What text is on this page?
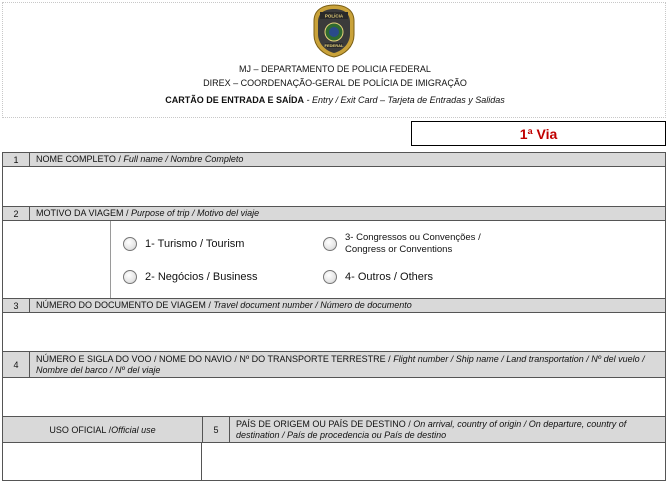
POLÍCIA
FEDERAL
MJ – DEPARTAMENTO DE POLICIA FEDERAL
DIREX – COORDENAÇÃO-GERAL DE POLÍCIA DE IMIGRAÇÃO
CARTÃO DE ENTRADA E SAÍDA - Entry / Exit Card – Tarjeta de Entradas y Salidas
1ª Via
1	NOME COMPLETO / Full name / Nombre Completo
2	MOTIVO DA VIAGEM / Purpose of trip / Motivo del viaje
1- Turismo / Tourism
2- Negócios / Business
3- Congressos ou Convenções /
Congress or Conventions
4- Outros / Others
3	NÚMERO DO DOCUMENTO DE VIAGEM / Travel document number / Número de documento
4
NÚMERO E SIGLA DO VOO / NOME DO NAVIO / Nº DO TRANSPORTE TERRESTRE / Flight number / Ship name / Land transportation / Nº del vuelo / Nombre del barco / Nº del viaje
USO OFICIAL / Official use	5
PAÍS DE ORIGEM OU PAÍS DE DESTINO / On arrival, country of origin / On departure, country of destination / País de procedencia ou País de destino
